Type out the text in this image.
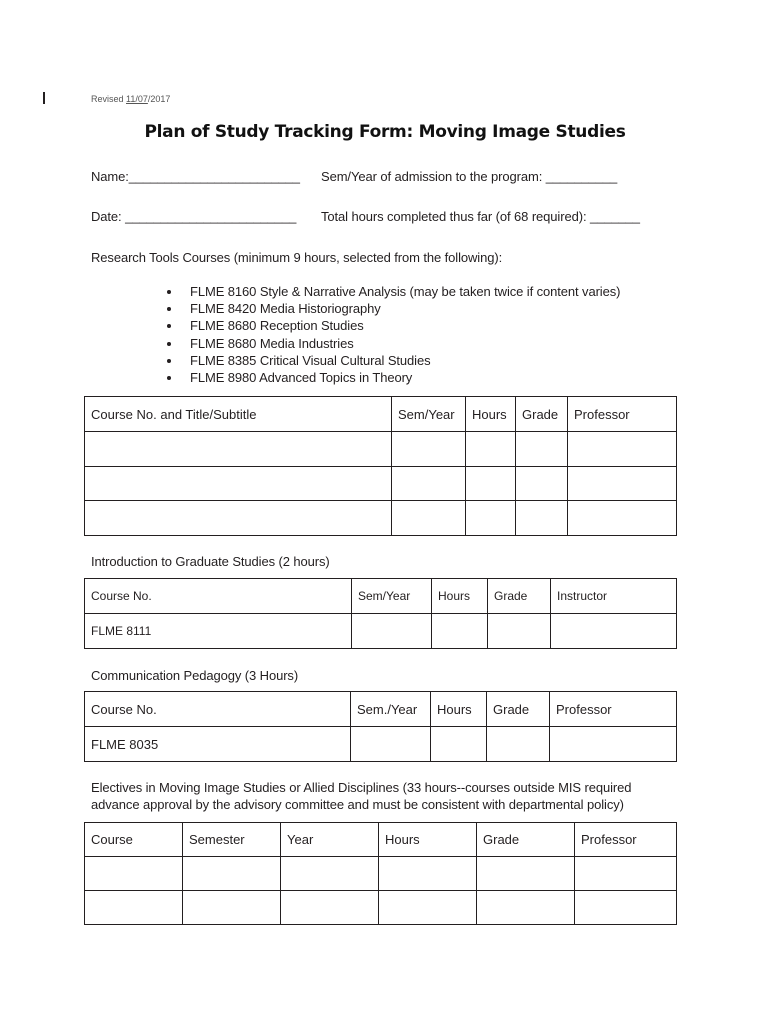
Revised 11/07/2017
Plan of Study Tracking Form: Moving Image Studies
Name:________________________ Sem/Year of admission to the program: __________
Date: ________________________ Total hours completed thus far (of 68 required): _______
Research Tools Courses (minimum 9 hours, selected from the following):
• FLME 8160 Style & Narrative Analysis (may be taken twice if content varies)
• FLME 8420 Media Historiography
• FLME 8680 Reception Studies
• FLME 8680 Media Industries
• FLME 8385 Critical Visual Cultural Studies
• FLME 8980 Advanced Topics in Theory
Course No. and Title/Subtitle	Sem/Year	Hours	Grade	Professor

Introduction to Graduate Studies (2 hours)
Course No.	Sem/Year	Hours	Grade	Instructor
FLME 8111				
Communication Pedagogy (3 Hours)
Course No.	Sem./Year	Hours	Grade	Professor
FLME 8035				
Electives in Moving Image Studies or Allied Disciplines (33 hours--courses outside MIS required
advance approval by the advisory committee and must be consistent with departmental policy)
Course	Semester	Year	Hours	Grade	Professor
